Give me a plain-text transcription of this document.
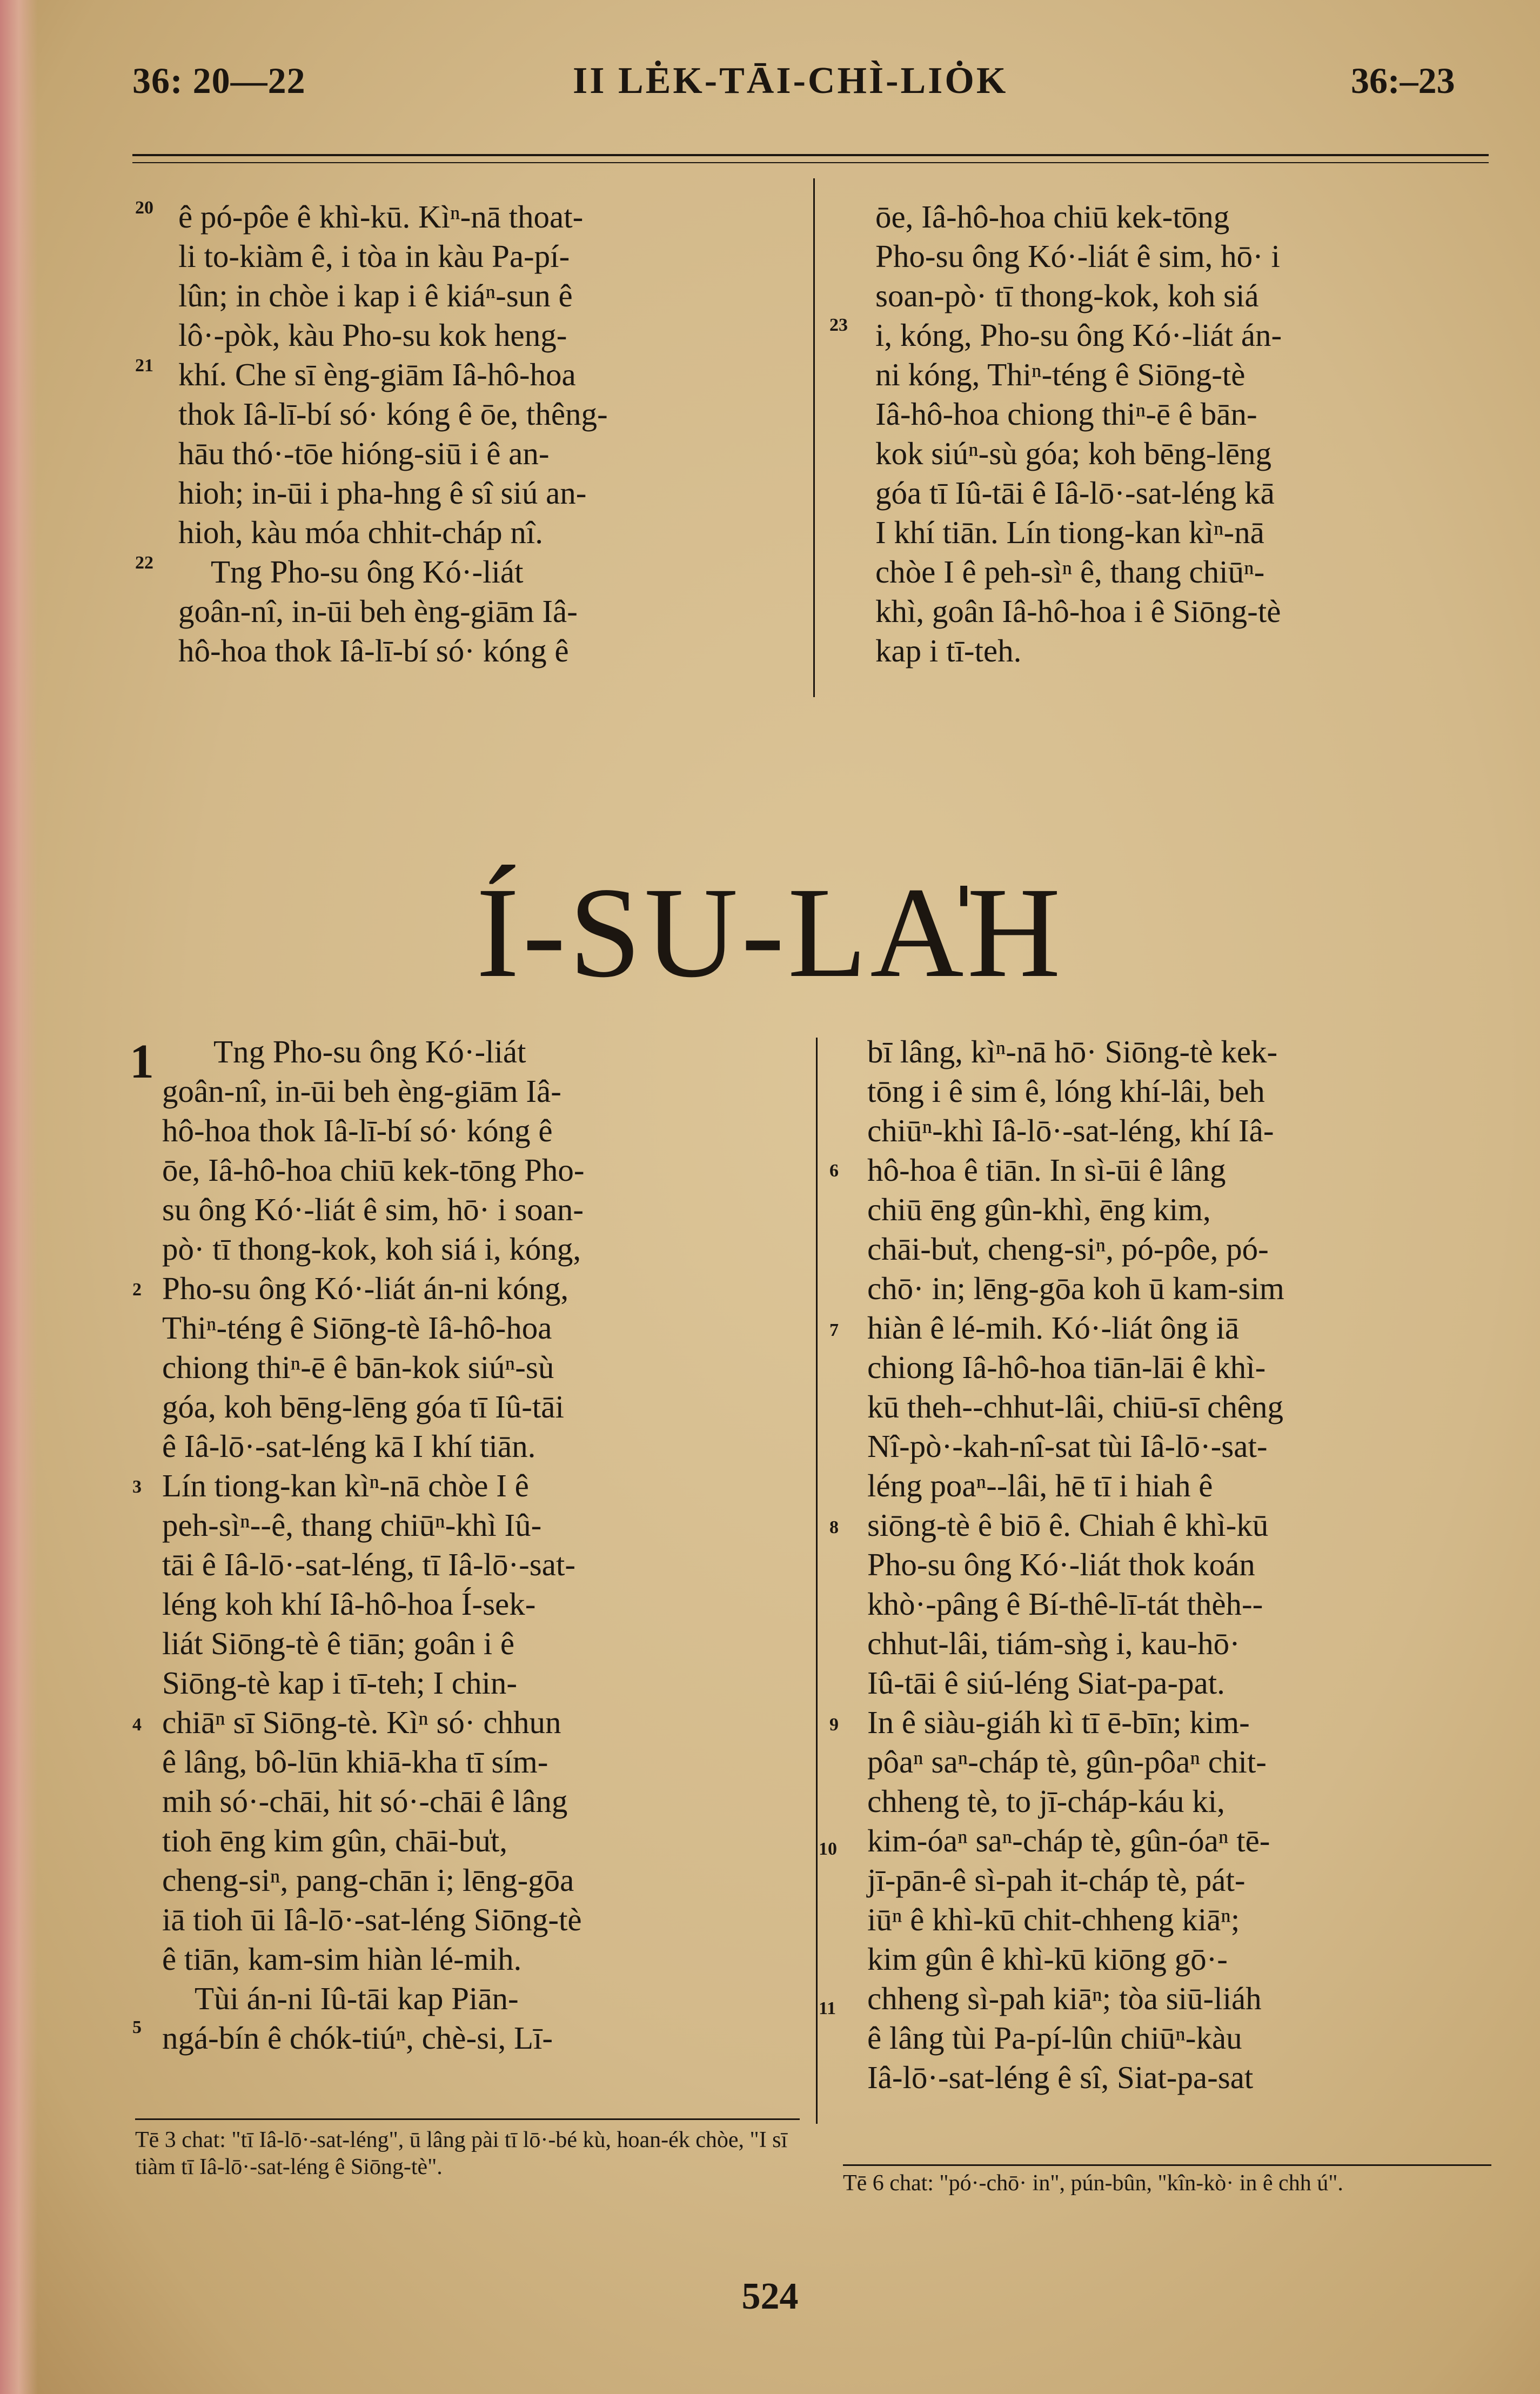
36: 20—22	II LĖK-TĀI-CHÌ-LIȮK	36:–23

ê pó-pôe ê khì-kū. Kìⁿ-nā thoat-

li to-kiàm ê, i tòa in kàu Pa-pí-

lûn; in chòe i kap i ê kiáⁿ-sun ê

lô·-pòk, kàu Pho-su kok heng-

khí. Che sī èng-giām Iâ-hô-hoa

thok Iâ-lī-bí só· kóng ê ōe, thêng-

hāu thó·-tōe hióng-siū i ê an-

hioh; in-ūi i pha-hng ê sî siú an-

hioh, kàu móa chhit-cháp nî.

Tng Pho-su ông Kó·-liát

goân-nî, in-ūi beh èng-giām Iâ-

hô-hoa thok Iâ-lī-bí só· kóng ê

20
21
22

ōe, Iâ-hô-hoa chiū kek-tōng

Pho-su ông Kó·-liát ê sim, hō· i

soan-pò· tī thong-kok, koh siá

i, kóng, Pho-su ông Kó·-liát án-

ni kóng, Thiⁿ-téng ê Siōng-tè

Iâ-hô-hoa chiong thiⁿ-ē ê bān-

kok siúⁿ-sù góa; koh bēng-lēng

góa tī Iû-tāi ê Iâ-lō·-sat-léng kā

I khí tiān. Lín tiong-kan kìⁿ-nā

chòe I ê peh-sìⁿ ê, thang chiūⁿ-

khì, goân Iâ-hô-hoa i ê Siōng-tè

kap i tī-teh.

23
Í-SU-LA̍H
1	Tng Pho-su ông Kó·-liát

goân-nî, in-ūi beh èng-giām Iâ-

hô-hoa thok Iâ-lī-bí só· kóng ê

ōe, Iâ-hô-hoa chiū kek-tōng Pho-

su ông Kó·-liát ê sim, hō· i soan-

pò· tī thong-kok, koh siá i, kóng,

Pho-su ông Kó·-liát án-ni kóng,

Thiⁿ-téng ê Siōng-tè Iâ-hô-hoa

chiong thiⁿ-ē ê bān-kok siúⁿ-sù

góa, koh bēng-lēng góa tī Iû-tāi

ê Iâ-lō·-sat-léng kā I khí tiān.

Lín tiong-kan kìⁿ-nā chòe I ê

peh-sìⁿ--ê, thang chiūⁿ-khì Iû-

tāi ê Iâ-lō·-sat-léng, tī Iâ-lō·-sat-

léng koh khí Iâ-hô-hoa Í-sek-

liát Siōng-tè ê tiān; goân i ê

Siōng-tè kap i tī-teh; I chin-

chiāⁿ sī Siōng-tè. Kìⁿ só· chhun

ê lâng, bô-lūn khiā-kha tī sím-

mih só·-chāi, hit só·-chāi ê lâng

tioh ēng kim gûn, chāi-bu̍t,

cheng-siⁿ, pang-chān i; lēng-gōa

iā tioh ūi Iâ-lō·-sat-léng Siōng-tè

ê tiān, kam-sim hiàn lé-mih.

Tùi án-ni Iû-tāi kap Piān-

ngá-bín ê chók-tiúⁿ, chè-si, Lī-

2
3
4
5

bī lâng, kìⁿ-nā hō· Siōng-tè kek-

tōng i ê sim ê, lóng khí-lâi, beh

chiūⁿ-khì Iâ-lō·-sat-léng, khí Iâ-

hô-hoa ê tiān. In sì-ūi ê lâng

chiū ēng gûn-khì, ēng kim,

chāi-bu̍t, cheng-siⁿ, pó-pôe, pó-

chō· in; lēng-gōa koh ū kam-sim

hiàn ê lé-mih. Kó·-liát ông iā

chiong Iâ-hô-hoa tiān-lāi ê khì-

kū theh--chhut-lâi, chiū-sī chêng

Nî-pò·-kah-nî-sat tùi Iâ-lō·-sat-

léng poaⁿ--lâi, hē tī i hiah ê

siōng-tè ê biō ê. Chiah ê khì-kū

Pho-su ông Kó·-liát thok koán

khò·-pâng ê Bí-thê-lī-tát thèh--

chhut-lâi, tiám-sǹg i, kau-hō·

Iû-tāi ê siú-léng Siat-pa-pat.

In ê siàu-giáh kì tī ē-bīn; kim-

pôaⁿ saⁿ-cháp tè, gûn-pôaⁿ chit-

chheng tè, to jī-cháp-káu ki,

kim-óaⁿ saⁿ-cháp tè, gûn-óaⁿ tē-

jī-pān-ê sì-pah it-cháp tè, pát-

iūⁿ ê khì-kū chit-chheng kiāⁿ;

kim gûn ê khì-kū kiōng gō·-

chheng sì-pah kiāⁿ; tòa siū-liáh

ê lâng tùi Pa-pí-lûn chiūⁿ-kàu

Iâ-lō·-sat-léng ê sî, Siat-pa-sat

6
7
8
9
10
11
Tē 3 chat: "tī Iâ-lō·-sat-léng", ū lâng pài tī lō·-bé kù, hoan-ék chòe, "I sī tiàm tī Iâ-lō·-sat-léng ê Siōng-tè".
Tē 6 chat: "pó·-chō· in", pún-bûn, "kîn-kò· in ê chh ú".
524
